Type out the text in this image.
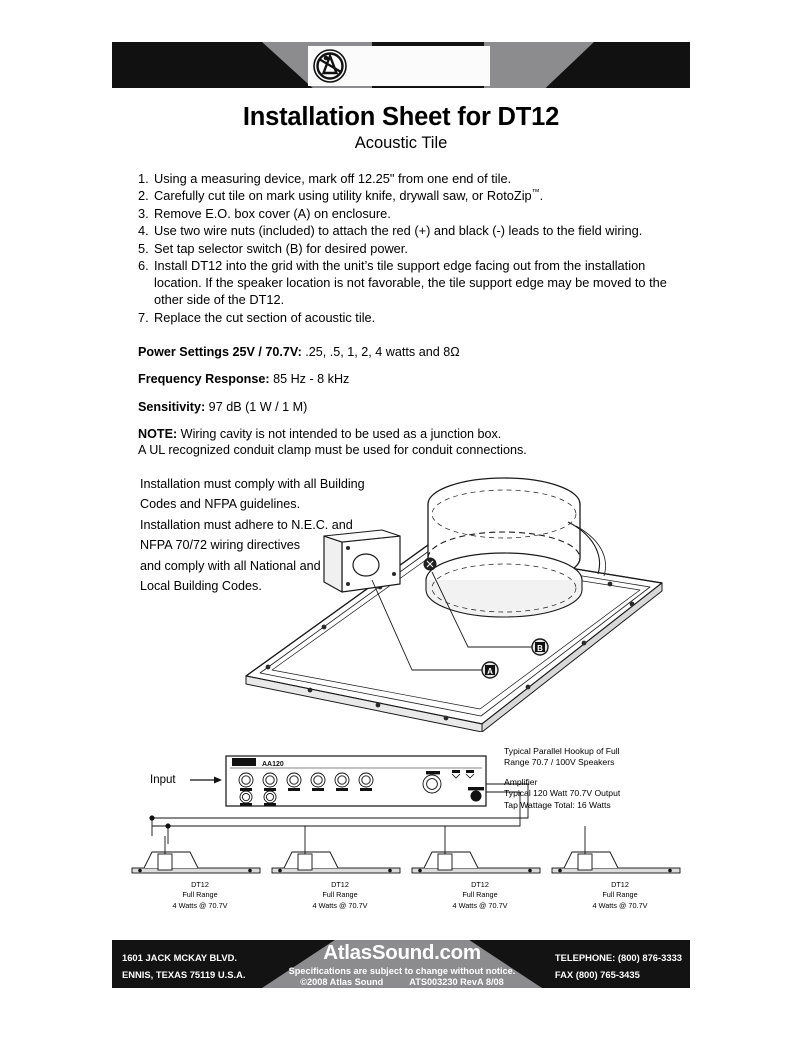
Installation Sheet for DT12
Acoustic Tile
1. Using a measuring device, mark off 12.25" from one end of tile.
2. Carefully cut tile on mark using utility knife, drywall saw, or RotoZip™.
3. Remove E.O. box cover (A) on enclosure.
4. Use two wire nuts (included) to attach the red (+) and black (-) leads to the field wiring.
5. Set tap selector switch (B) for desired power.
6. Install DT12 into the grid with the unit’s tile support edge facing out from the installation location. If the speaker location is not favorable, the tile support edge may be moved to the other side of the DT12.
7. Replace the cut section of acoustic tile.
Power Settings 25V / 70.7V: .25, .5, 1, 2, 4 watts and 8Ω
Frequency Response: 85 Hz - 8 kHz
Sensitivity: 97 dB (1 W / 1 M)
NOTE: Wiring cavity is not intended to be used as a junction box.
A UL recognized conduit clamp must be used for conduit connections.
Installation must comply with all Building
Codes and NFPA guidelines.
Installation must adhere to N.E.C. and
NFPA 70/72 wiring directives
and comply with all National and
Local Building Codes.
A
B
Input
AA120
Typical Parallel Hookup of Full
Range 70.7 / 100V Speakers
Amplifier
Typical 120 Watt 70.7V Output
Tap Wattage Total: 16 Watts
DT12
Full Range
4 Watts @ 70.7V
DT12
Full Range
4 Watts @ 70.7V
DT12
Full Range
4 Watts @ 70.7V
DT12
Full Range
4 Watts @ 70.7V
1601 JACK MCKAY BLVD.
ENNIS, TEXAS 75119 U.S.A.
AtlasSound.com
Specifications are subject to change without notice.
©2008 Atlas Sound	ATS003230 RevA 8/08
TELEPHONE: (800) 876-3333
FAX (800) 765-3435
